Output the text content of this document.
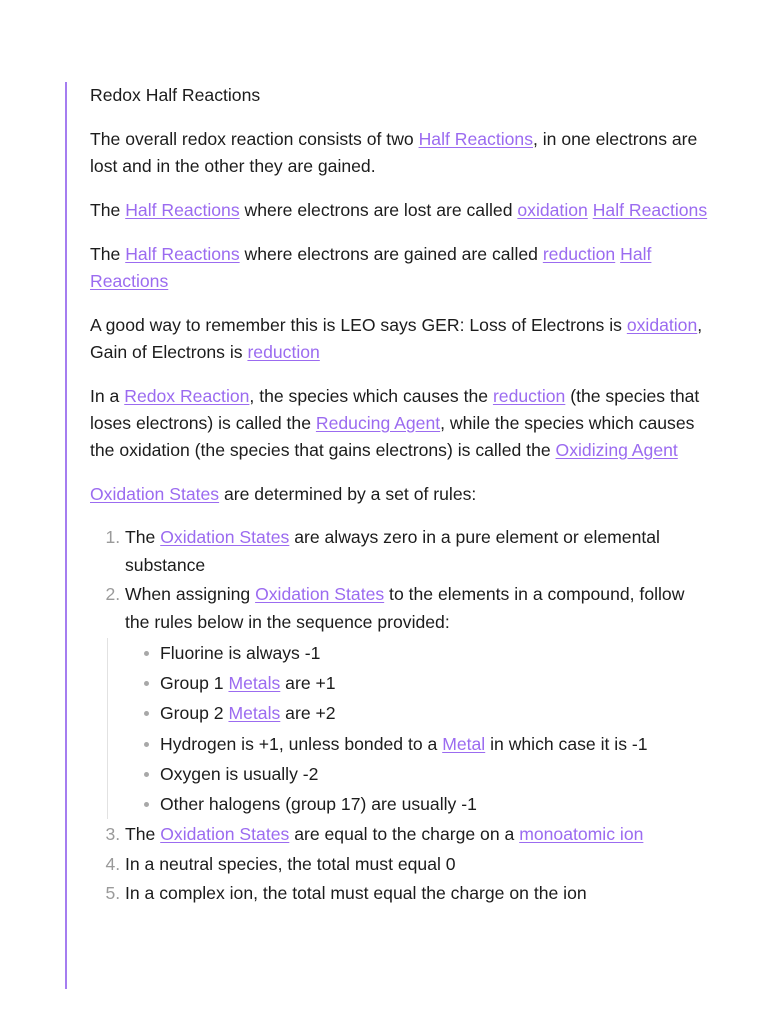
Redox Half Reactions

The overall redox reaction consists of two Half Reactions, in one electrons are lost and in the other they are gained.

The Half Reactions where electrons are lost are called oxidation Half Reactions

The Half Reactions where electrons are gained are called reduction Half Reactions

A good way to remember this is LEO says GER: Loss of Electrons is oxidation, Gain of Electrons is reduction

In a Redox Reaction, the species which causes the reduction (the species that loses electrons) is called the Reducing Agent, while the species which causes the oxidation (the species that gains electrons) is called the Oxidizing Agent

Oxidation States are determined by a set of rules:

1. The Oxidation States are always zero in a pure element or elemental substance
2. When assigning Oxidation States to the elements in a compound, follow the rules below in the sequence provided:
Fluorine is always -1
Group 1 Metals are +1
Group 2 Metals are +2
Hydrogen is +1, unless bonded to a Metal in which case it is -1
Oxygen is usually -2
Other halogens (group 17) are usually -1
3. The Oxidation States are equal to the charge on a monoatomic ion
4. In a neutral species, the total must equal 0
5. In a complex ion, the total must equal the charge on the ion
